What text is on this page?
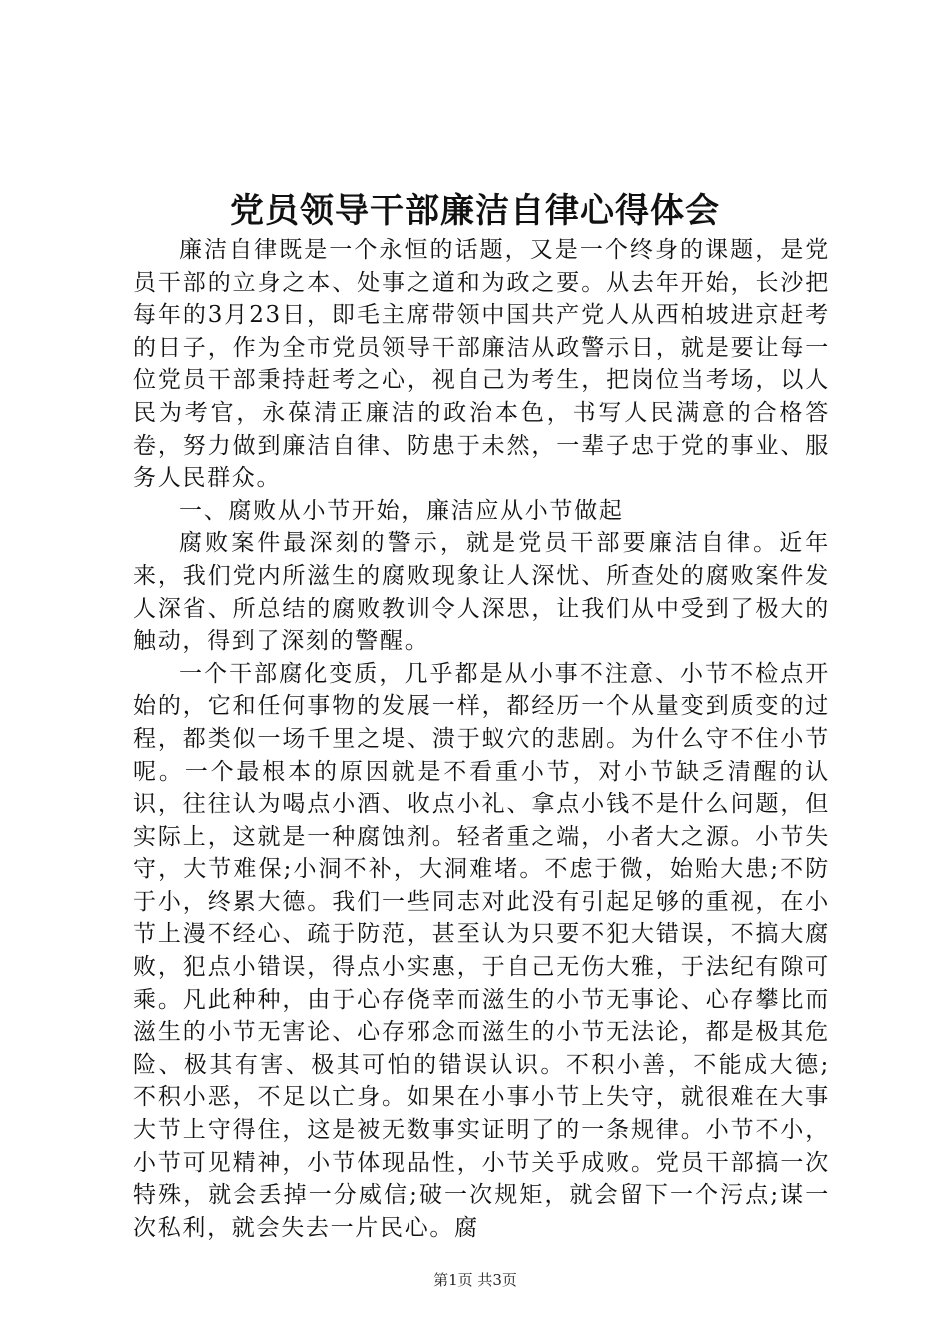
党员领导干部廉洁自律心得体会

廉洁自律既是一个永恒的话题，又是一个终身的课题，是党员干部的立身之本、处事之道和为政之要。从去年开始，长沙把每年的3月23日，即毛主席带领中国共产党人从西柏坡进京赶考的日子，作为全市党员领导干部廉洁从政警示日，就是要让每一位党员干部秉持赶考之心，视自己为考生，把岗位当考场，以人民为考官，永葆清正廉洁的政治本色，书写人民满意的合格答卷，努力做到廉洁自律、防患于未然，一辈子忠于党的事业、服务人民群众。

一、腐败从小节开始，廉洁应从小节做起

腐败案件最深刻的警示，就是党员干部要廉洁自律。近年来，我们党内所滋生的腐败现象让人深忧、所查处的腐败案件发人深省、所总结的腐败教训令人深思，让我们从中受到了极大的触动，得到了深刻的警醒。

一个干部腐化变质，几乎都是从小事不注意、小节不检点开始的，它和任何事物的发展一样，都经历一个从量变到质变的过程，都类似一场千里之堤、溃于蚁穴的悲剧。为什么守不住小节呢。一个最根本的原因就是不看重小节，对小节缺乏清醒的认识，往往认为喝点小酒、收点小礼、拿点小钱不是什么问题，但实际上，这就是一种腐蚀剂。轻者重之端，小者大之源。小节失守，大节难保;小洞不补，大洞难堵。不虑于微，始贻大患;不防于小，终累大德。我们一些同志对此没有引起足够的重视，在小节上漫不经心、疏于防范，甚至认为只要不犯大错误，不搞大腐败，犯点小错误，得点小实惠，于自己无伤大雅，于法纪有隙可乘。凡此种种，由于心存侥幸而滋生的小节无事论、心存攀比而滋生的小节无害论、心存邪念而滋生的小节无法论，都是极其危险、极其有害、极其可怕的错误认识。不积小善，不能成大德;不积小恶，不足以亡身。如果在小事小节上失守，就很难在大事大节上守得住，这是被无数事实证明了的一条规律。小节不小，小节可见精神，小节体现品性，小节关乎成败。党员干部搞一次特殊，就会丢掉一分威信;破一次规矩，就会留下一个污点;谋一次私利，就会失去一片民心。腐

第1页 共3页
